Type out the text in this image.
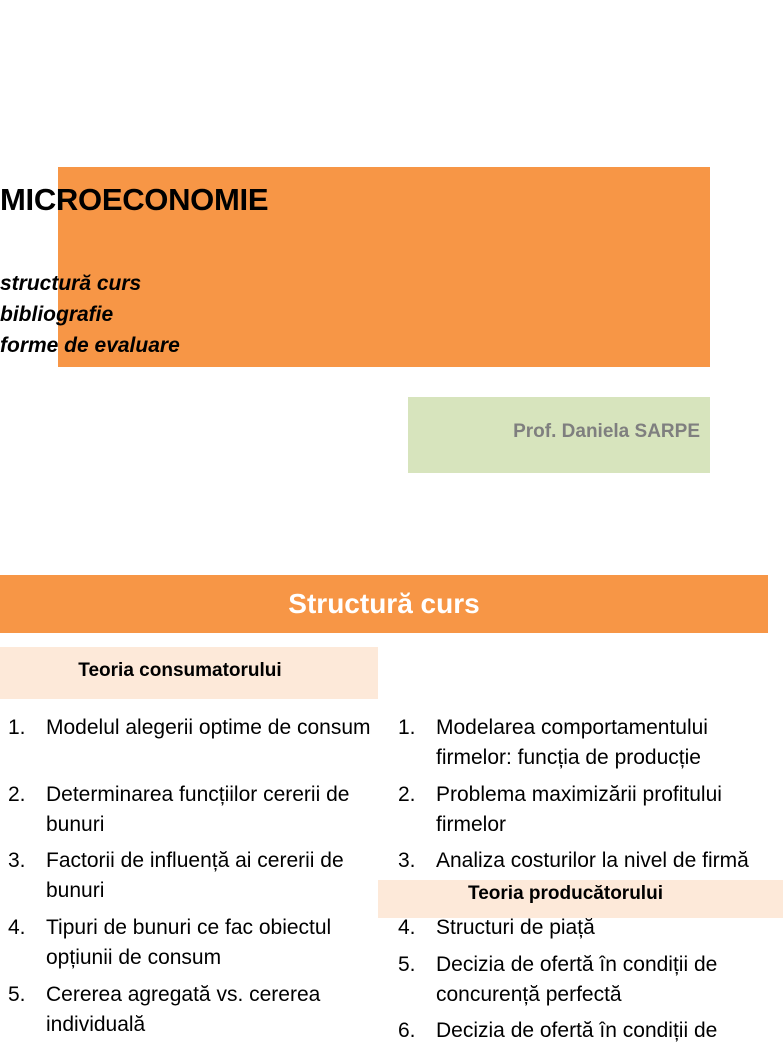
MICROECONOMIE
structură curs
bibliografie
forme de evaluare
Prof. Daniela SARPE
Structură curs
Teoria consumatorului
1. Modelul alegerii optime de consum
2. Determinarea funcțiilor cererii de bunuri
3. Factorii de influență ai cererii de bunuri
4. Tipuri de bunuri ce fac obiectul opțiunii de consum
5. Cererea agregată vs. cererea individuală
Teoria producătorului
1. Modelarea comportamentului firmelor: funcția de producție
2. Problema maximizării profitului firmelor
3. Analiza costurilor la nivel de firmă
4. Structuri de piață
5. Decizia de ofertă în condiții de concurență perfectă
6. Decizia de ofertă în condiții de
